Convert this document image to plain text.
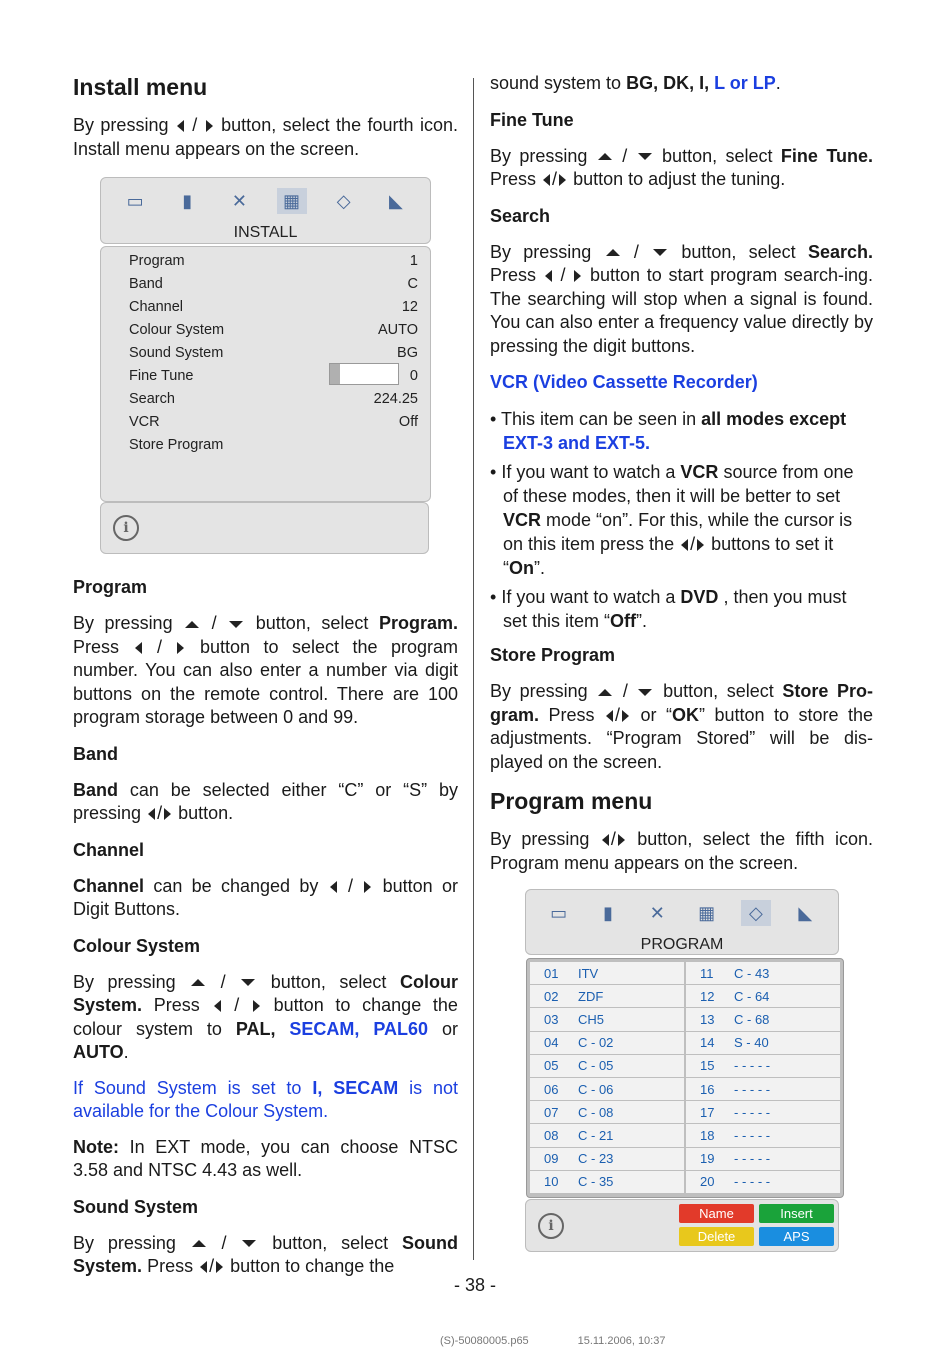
Install menu

By pressing  /  button, select the fourth icon. Install menu appears on the screen.

▭	▮	✕	▦	◇	◣
INSTALL
Program	1
Band	C
Channel	12
Colour System	AUTO
Sound System	BG
Fine Tune	0
Search	224.25
VCR	Off
Store Program
i
Program

By pressing  /  button, select Program. Press  /  button to select the program number. You can also enter a number via digit buttons on the remote control. There are 100 program storage between 0 and 99.

Band

Band can be selected either “C” or “S” by pressing / button.

Channel

Channel can be changed by  /  button or Digit Buttons.

Colour System

By pressing  /  button, select Colour System. Press  /  button to change the colour system to PAL, SECAM, PAL60 or AUTO.

If Sound System is set to I, SECAM is not available for the Colour System.

Note: In EXT mode, you can choose NTSC 3.58 and NTSC 4.43 as well.

Sound System

By pressing  /  button, select Sound System. Press / button to change the

sound system to BG, DK, I, L or LP.

Fine Tune

By pressing  /  button, select Fine Tune. Press / button to adjust the tuning.

Search

By pressing  /  button, select Search. Press  /  button to start program search-ing. The searching will stop when a signal is found. You can also enter a frequency value directly by pressing the digit buttons.

VCR (Video Cassette Recorder)
• This item can be seen in all modes except EXT-3 and EXT-5.
• If you want to watch a VCR source from one of these modes, then it will be better to set VCR mode “on”. For this, while the cursor is on this item press the / buttons to set it “On”.
• If you want to watch a DVD , then you must set this item “Off”.
Store Program

By pressing  /  button, select Store Pro-gram. Press / or “OK” button to store the adjustments. “Program Stored” will be dis-played on the screen.

Program menu

By pressing / button, select the fifth icon. Program menu appears on the screen.

▭	▮	✕	▦	◇	◣
PROGRAM
01	ITV	11	C - 43
02	ZDF	12	C - 64
03	CH5	13	C - 68
04	C - 02	14	S - 40
05	C - 05	15	- - - - -
06	C - 06	16	- - - - -
07	C - 08	17	- - - - -
08	C - 21	18	- - - - -
09	C - 23	19	- - - - -
10	C - 35	20	- - - - -
i
Name	Insert
Delete	APS
- 38 -
(S)-50080005.p65	15.11.2006, 10:37
